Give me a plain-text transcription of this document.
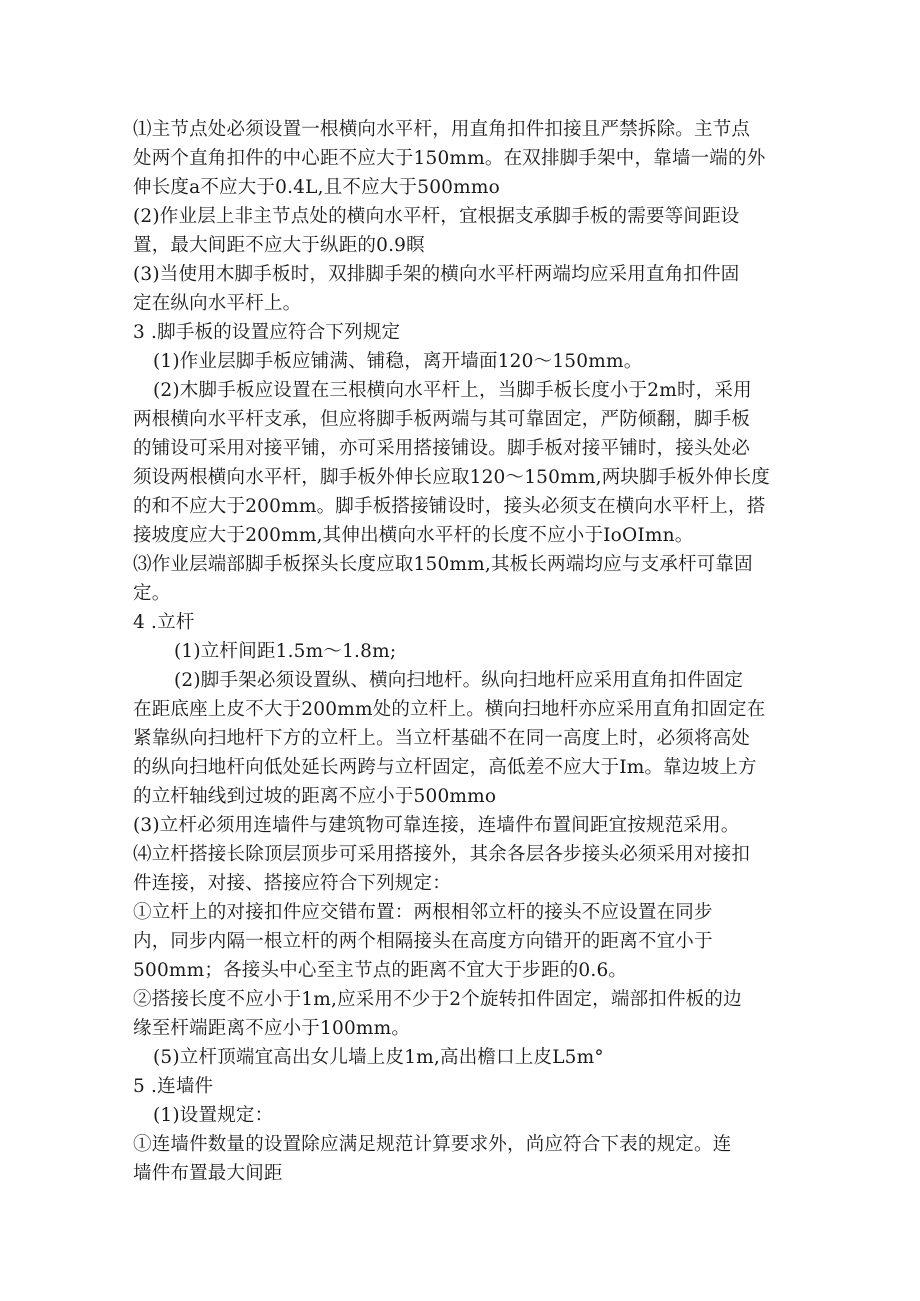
⑴主节点处必须设置一根横向水平杆，用直角扣件扣接且严禁拆除。主节点

处两个直角扣件的中心距不应大于150mm。在双排脚手架中，靠墙一端的外

伸长度a不应大于0.4L,且不应大于500mmo

(2)作业层上非主节点处的横向水平杆，宜根据支承脚手板的需要等间距设

置，最大间距不应大于纵距的0.9瞑

(3)当使用木脚手板时，双排脚手架的横向水平杆两端均应采用直角扣件固

定在纵向水平杆上。

3 .脚手板的设置应符合下列规定

(1)作业层脚手板应铺满、铺稳，离开墙面120～150mm。

(2)木脚手板应设置在三根横向水平杆上，当脚手板长度小于2m时，采用

两根横向水平杆支承，但应将脚手板两端与其可靠固定，严防倾翻，脚手板

的铺设可采用对接平铺，亦可采用搭接铺设。脚手板对接平铺时，接头处必

须设两根横向水平杆，脚手板外伸长应取120～150mm,两块脚手板外伸长度

的和不应大于200mm。脚手板搭接铺设时，接头必须支在横向水平杆上，搭

接坡度应大于200mm,其伸出横向水平杆的长度不应小于IoOImn。

⑶作业层端部脚手板探头长度应取150mm,其板长两端均应与支承杆可靠固

定。

4 .立杆

(1)立杆间距1.5m～1.8m;

(2)脚手架必须设置纵、横向扫地杆。纵向扫地杆应采用直角扣件固定

在距底座上皮不大于200mm处的立杆上。横向扫地杆亦应采用直角扣固定在

紧靠纵向扫地杆下方的立杆上。当立杆基础不在同一高度上时，必须将高处

的纵向扫地杆向低处延长两跨与立杆固定，高低差不应大于Im。靠边坡上方

的立杆轴线到过坡的距离不应小于500mmo

(3)立杆必须用连墙件与建筑物可靠连接，连墙件布置间距宜按规范采用。

⑷立杆搭接长除顶层顶步可采用搭接外，其余各层各步接头必须采用对接扣

件连接，对接、搭接应符合下列规定：

①立杆上的对接扣件应交错布置：两根相邻立杆的接头不应设置在同步

内，同步内隔一根立杆的两个相隔接头在高度方向错开的距离不宜小于

500mm；各接头中心至主节点的距离不宜大于步距的0.6。

②搭接长度不应小于1m,应采用不少于2个旋转扣件固定，端部扣件板的边

缘至杆端距离不应小于100mm。

(5)立杆顶端宜高出女儿墙上皮1m,高出檐口上皮L5m°

5 .连墙件

(1)设置规定：

①连墙件数量的设置除应满足规范计算要求外，尚应符合下表的规定。连

墙件布置最大间距
